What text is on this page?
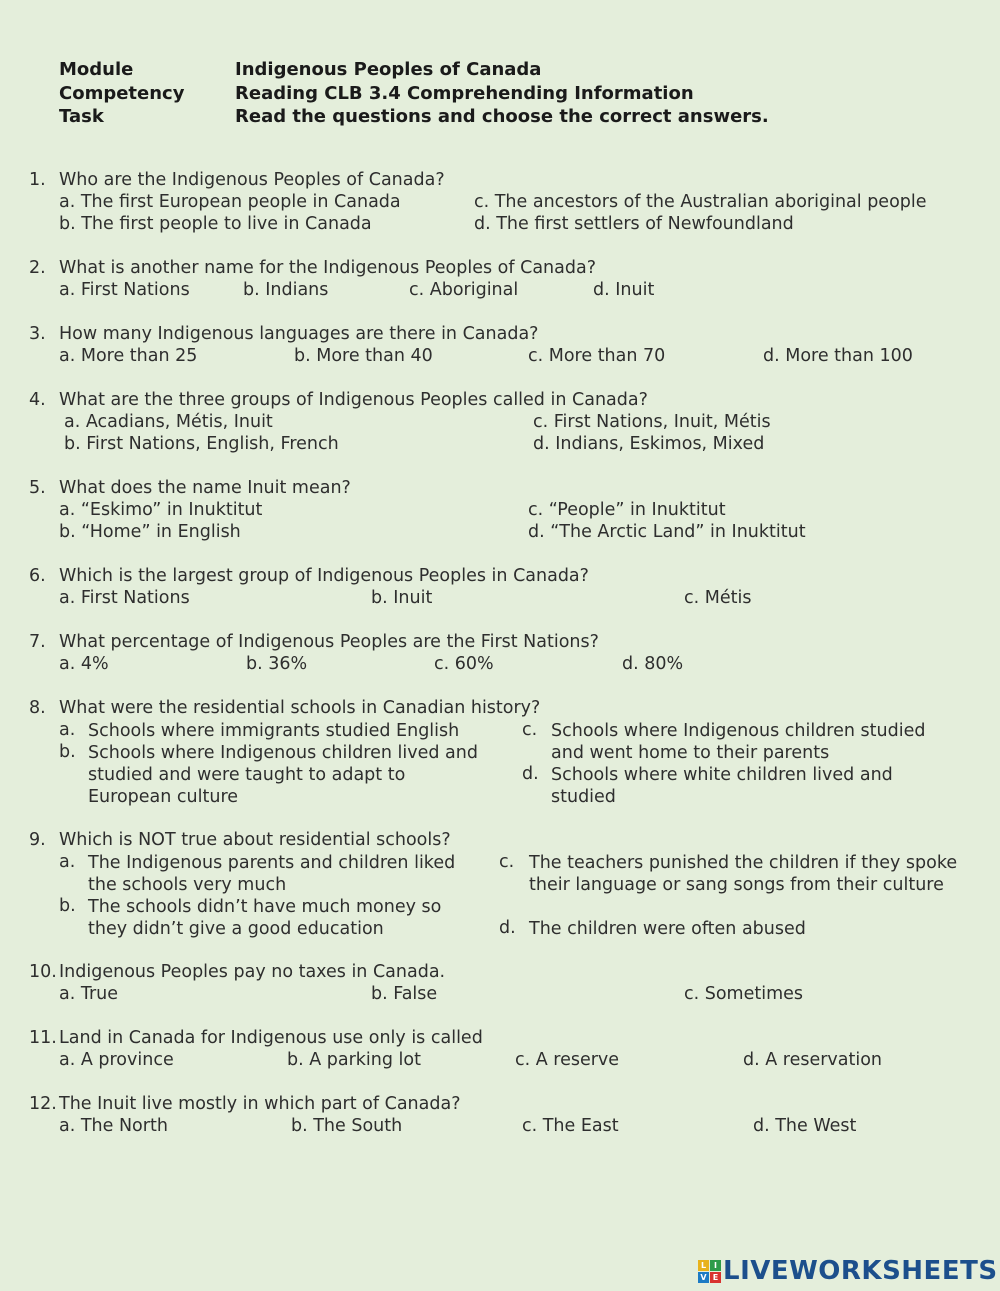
Module	Indigenous Peoples of Canada
Competency	Reading CLB 3.4 Comprehending Information
Task	Read the questions and choose the correct answers.
1. Who are the Indigenous Peoples of Canada?
a. The first European people in Canada
b. The first people to live in Canada
c. The ancestors of the Australian aboriginal people
d. The first settlers of Newfoundland
2. What is another name for the Indigenous Peoples of Canada?
a. First Nations	b. Indians	c. Aboriginal	d. Inuit
3. How many Indigenous languages are there in Canada?
a. More than 25	b. More than 40	c. More than 70	d. More than 100
4. What are the three groups of Indigenous Peoples called in Canada?
a. Acadians, Métis, Inuit
b. First Nations, English, French
c. First Nations, Inuit, Métis
d. Indians, Eskimos, Mixed
5. What does the name Inuit mean?
a. “Eskimo” in Inuktitut
b. “Home” in English
c. “People” in Inuktitut
d. “The Arctic Land” in Inuktitut
6. Which is the largest group of Indigenous Peoples in Canada?
a. First Nations	b. Inuit	c. Métis
7. What percentage of Indigenous Peoples are the First Nations?
a. 4%	b. 36%	c. 60%	d. 80%
8. What were the residential schools in Canadian history?
a. Schools where immigrants studied English
b. Schools where Indigenous children lived and studied and were taught to adapt to European culture
c. Schools where Indigenous children studied and went home to their parents
d. Schools where white children lived and studied
9. Which is NOT true about residential schools?
a. The Indigenous parents and children liked the schools very much
b. The schools didn’t have much money so they didn’t give a good education
c. The teachers punished the children if they spoke their language or sang songs from their culture
d. The children were often abused
10. Indigenous Peoples pay no taxes in Canada.
a. True	b. False	c. Sometimes
11. Land in Canada for Indigenous use only is called
a. A province	b. A parking lot	c. A reserve	d. A reservation
12. The Inuit live mostly in which part of Canada?
a. The North	b. The South	c. The East	d. The West
L I
V E LIVEWORKSHEETS
